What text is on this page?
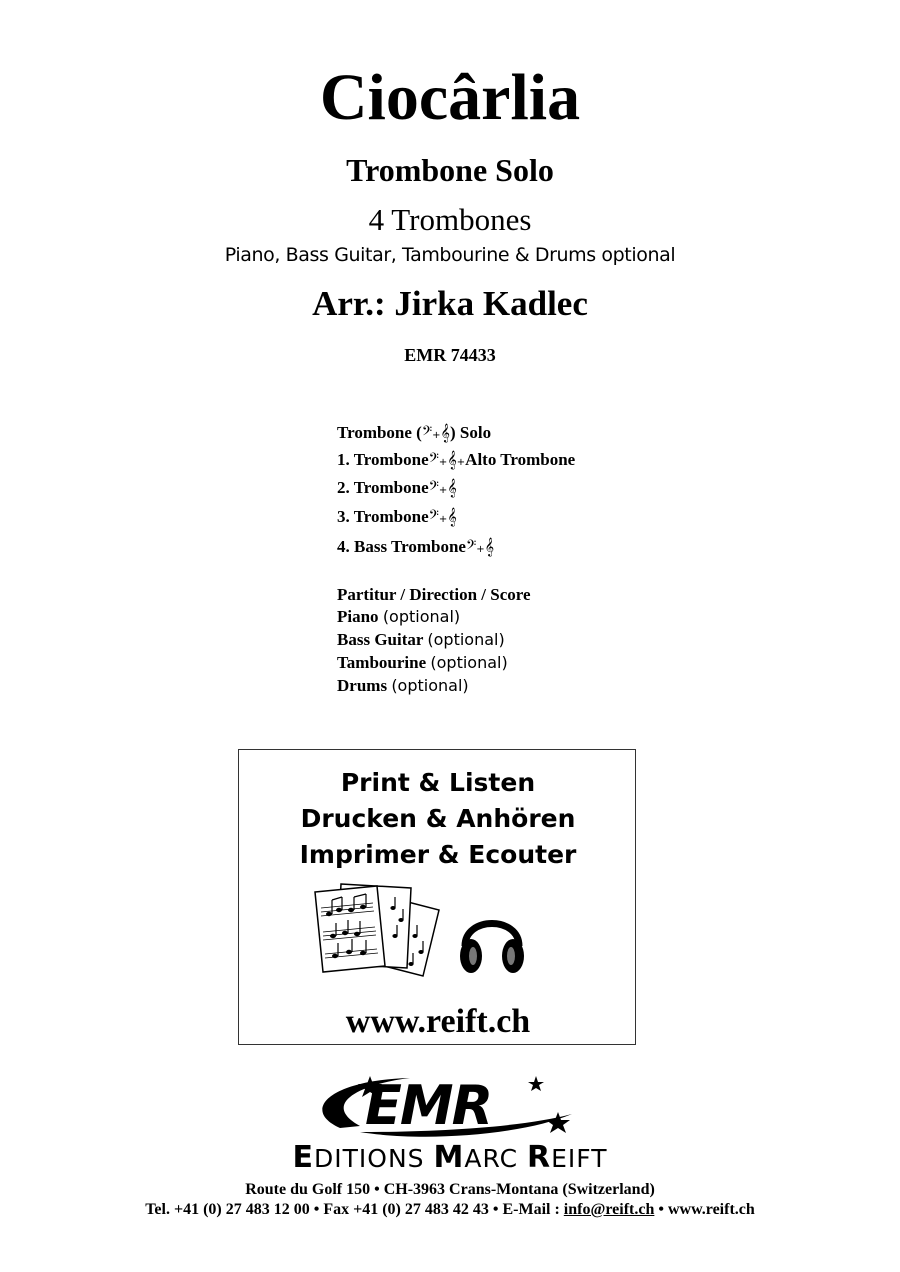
Ciocârlia
Trombone Solo
4 Trombones
Piano, Bass Guitar, Tambourine & Drums optional
Arr.: Jirka Kadlec
EMR 74433
Trombone (𝄢+𝄞) Solo
1. Trombone𝄢+𝄞+Alto Trombone
2. Trombone𝄢+𝄞
3. Trombone𝄢+𝄞
4. Bass Trombone𝄢+𝄞
Partitur / Direction / Score
Piano (optional)
Bass Guitar (optional)
Tambourine (optional)
Drums (optional)
Print & Listen
Drucken & Anhören
Imprimer & Ecouter
www.reift.ch
EMR
EDITIONS MARC REIFT
Route du Golf 150 • CH-3963 Crans-Montana (Switzerland)
Tel. +41 (0) 27 483 12 00 • Fax +41 (0) 27 483 42 43 • E-Mail : info@reift.ch • www.reift.ch
